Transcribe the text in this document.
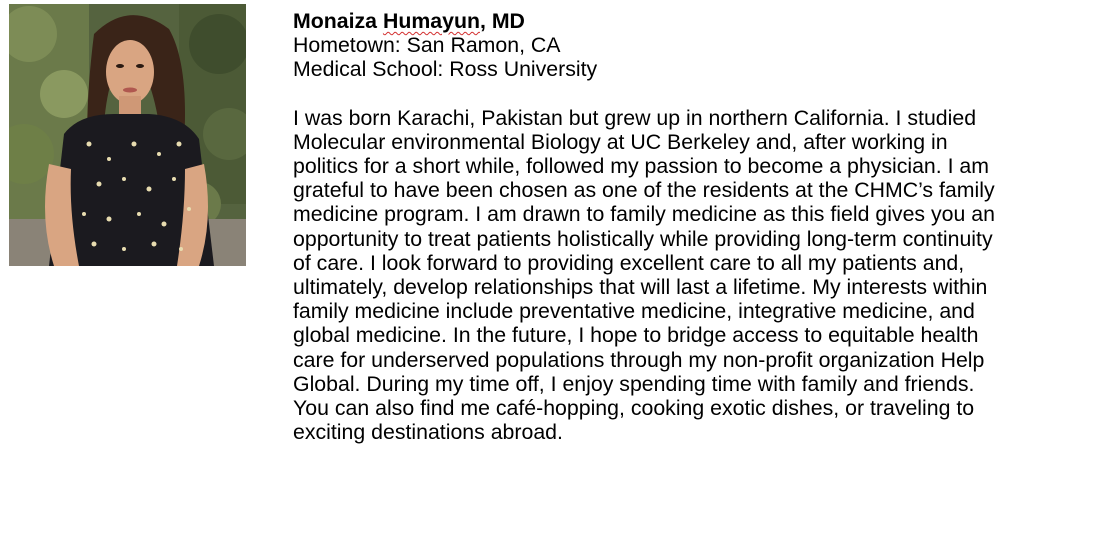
Monaiza Humayun, MD
Hometown: San Ramon, CA
Medical School: Ross University
I was born Karachi, Pakistan but grew up in northern California. I studied
Molecular environmental Biology at UC Berkeley and, after working in
politics for a short while, followed my passion to become a physician. I am
grateful to have been chosen as one of the residents at the CHMC’s family
medicine program. I am drawn to family medicine as this field gives you an
opportunity to treat patients holistically while providing long-term continuity
of care. I look forward to providing excellent care to all my patients and,
ultimately, develop relationships that will last a lifetime. My interests within
family medicine include preventative medicine, integrative medicine, and
global medicine. In the future, I hope to bridge access to equitable health
care for underserved populations through my non-profit organization Help
Global. During my time off, I enjoy spending time with family and friends.
You can also find me café-hopping, cooking exotic dishes, or traveling to
exciting destinations abroad.
